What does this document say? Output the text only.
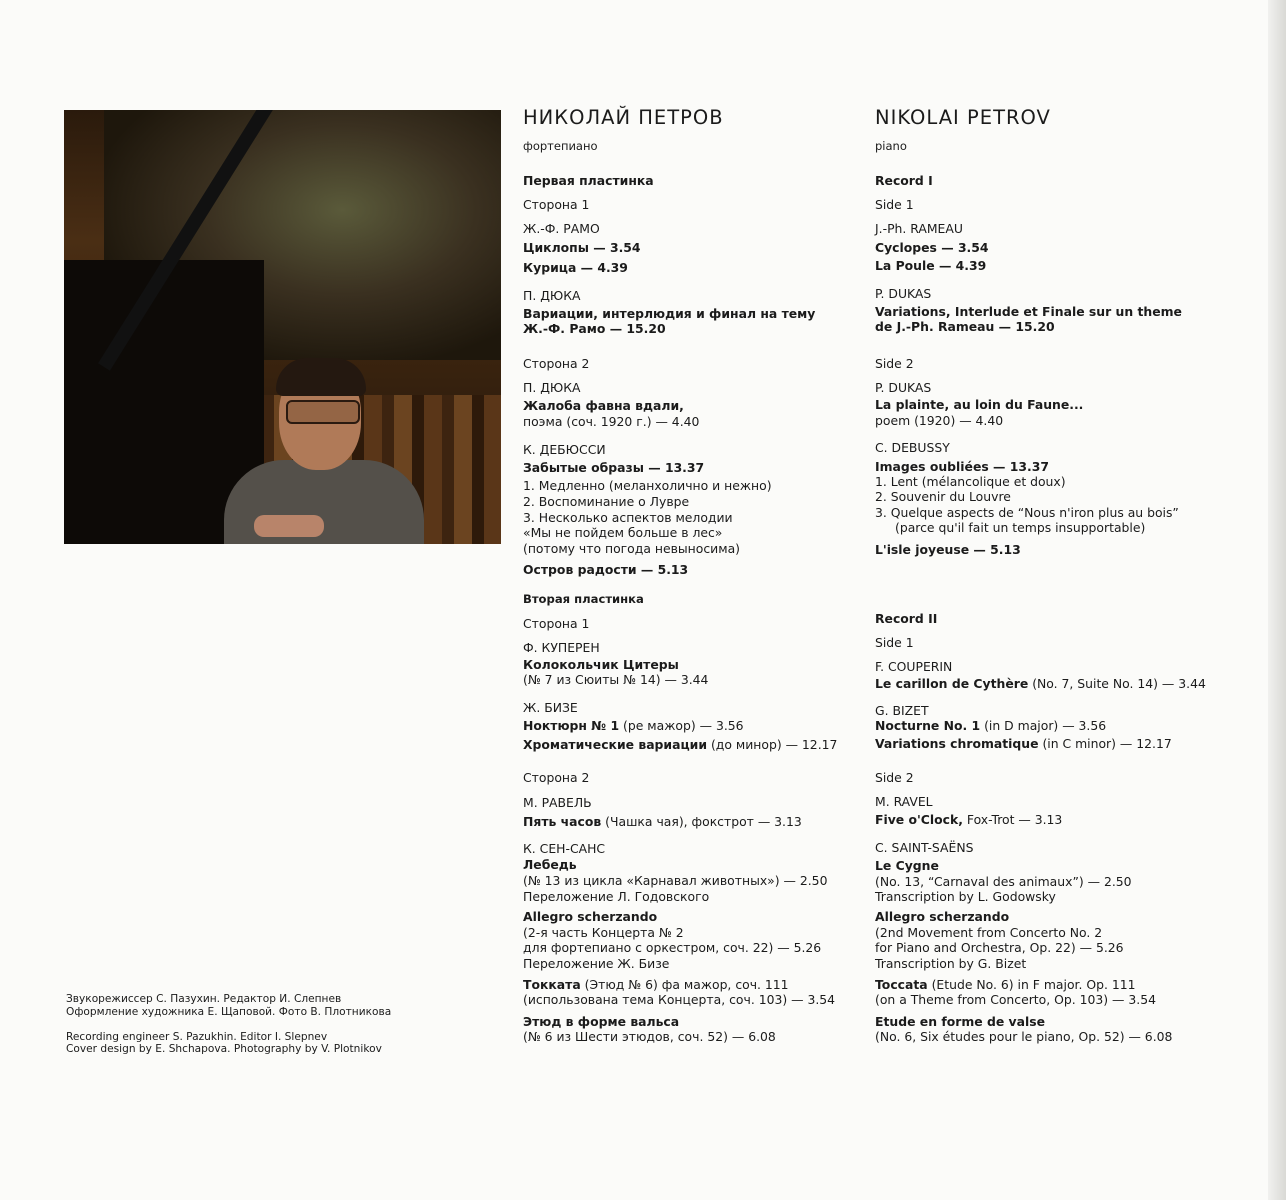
НИКОЛАЙ ПЕТРОВ
фортепиано
Первая пластинка
Сторона 1
Ж.-Ф. РАМО
Циклопы — 3.54
Курица — 4.39
П. ДЮКА
Вариации, интерлюдия и финал на тему
Ж.-Ф. Рамо — 15.20
Сторона 2
П. ДЮКА
Жалоба фавна вдали,
поэма (соч. 1920 г.) — 4.40
К. ДЕБЮССИ
Забытые образы — 13.37
1. Медленно (меланхолично и нежно)
2. Воспоминание о Лувре
3. Несколько аспектов мелодии
«Мы не пойдем больше в лес»
(потому что погода невыносима)
Остров радости — 5.13
Вторая пластинка
Сторона 1
Ф. КУПЕРЕН
Колокольчик Цитеры
(№ 7 из Сюиты № 14) — 3.44
Ж. БИЗЕ
Ноктюрн № 1 (ре мажор) — 3.56
Хроматические вариации (до минор) — 12.17
Сторона 2
М. РАВЕЛЬ
Пять часов (Чашка чая), фокстрот — 3.13
К. СЕН-САНС
Лебедь
(№ 13 из цикла «Карнавал животных») — 2.50
Переложение Л. Годовского
Allegro scherzando
(2-я часть Концерта № 2
для фортепиано с оркестром, соч. 22) — 5.26
Переложение Ж. Бизе
Токката (Этюд № 6) фа мажор, соч. 111
(использована тема Концерта, соч. 103) — 3.54
Этюд в форме вальса
(№ 6 из Шести этюдов, соч. 52) — 6.08
NIKOLAI PETROV
piano
Record I
Side 1
J.-Ph. RAMEAU
Cyclopes — 3.54
La Poule — 4.39
P. DUKAS
Variations, Interlude et Finale sur un theme
de J.-Ph. Rameau — 15.20
Side 2
P. DUKAS
La plainte, au loin du Faune...
poem (1920) — 4.40
C. DEBUSSY
Images oubliées — 13.37
1. Lent (mélancolique et doux)
2. Souvenir du Louvre
3. Quelque aspects de “Nous n'iron plus au bois”
(parce qu'il fait un temps insupportable)
L'isle joyeuse — 5.13
Record II
Side 1
F. COUPERIN
Le carillon de Cythère (No. 7, Suite No. 14) — 3.44
G. BIZET
Nocturne No. 1 (in D major) — 3.56
Variations chromatique (in C minor) — 12.17
Side 2
M. RAVEL
Five o'Clock, Fox-Trot — 3.13
C. SAINT-SAËNS
Le Cygne
(No. 13, “Carnaval des animaux”) — 2.50
Transcription by L. Godowsky
Allegro scherzando
(2nd Movement from Concerto No. 2
for Piano and Orchestra, Op. 22) — 5.26
Transcription by G. Bizet
Toccata (Etude No. 6) in F major. Op. 111
(on a Theme from Concerto, Op. 103) — 3.54
Etude en forme de valse
(No. 6, Six études pour le piano, Op. 52) — 6.08
Звукорежиссер С. Пазухин. Редактор И. Слепнев
Оформление художника Е. Щаповой. Фото В. Плотникова
Recording engineer S. Pazukhin. Editor I. Slepnev
Cover design by E. Shchapova. Photography by V. Plotnikov
